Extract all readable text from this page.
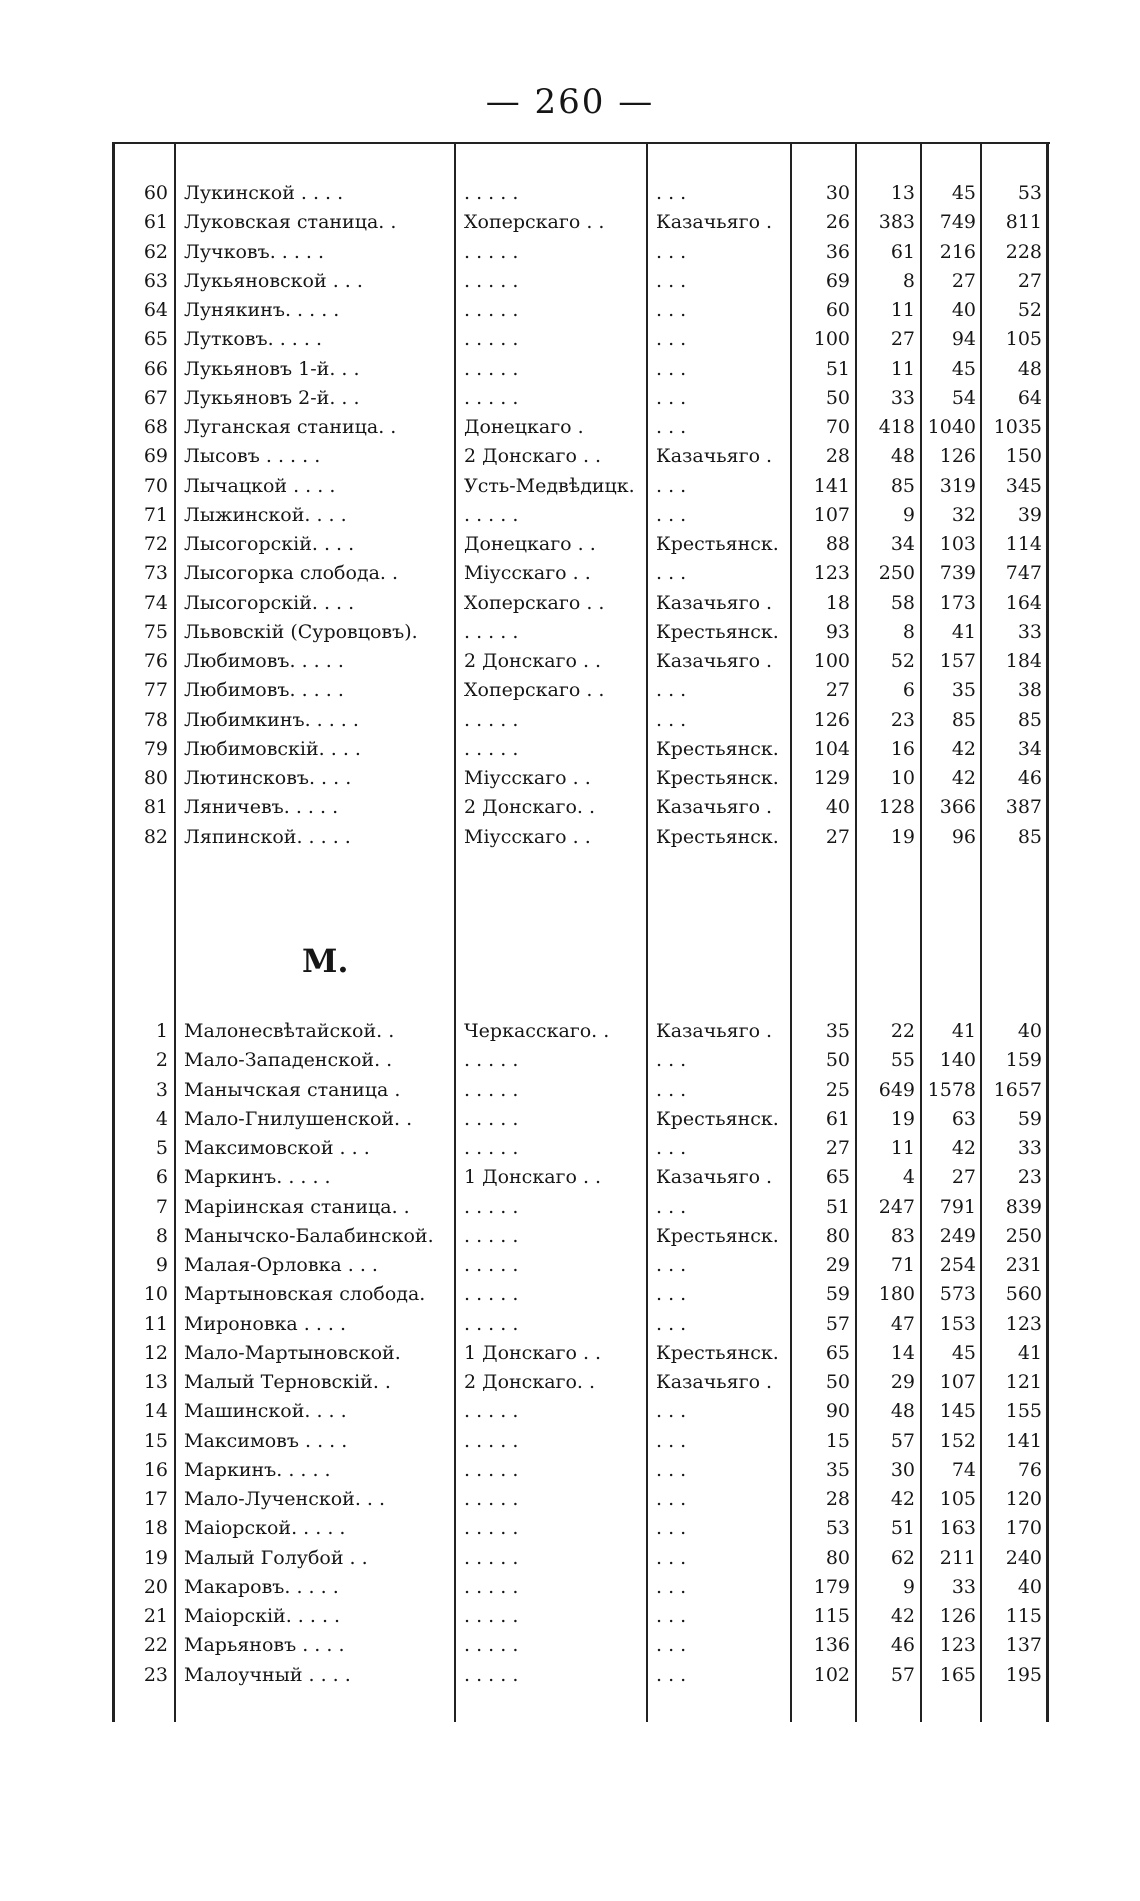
— 260 —
60 Лукинской . . . .	. . . . .	. . .	30	13	45	53
61 Луковская станица. .	Хоперскаго . .	Казачьяго .	26	383	749	811
62 Лучковъ. . . . .	. . . . .	. . .	36	61	216	228
63 Лукьяновской . . .	. . . . .	. . .	69	8	27	27
64 Лунякинъ. . . . .	. . . . .	. . .	60	11	40	52
65 Лутковъ. . . . .	. . . . .	. . .	100	27	94	105
66 Лукьяновъ 1-й. . .	. . . . .	. . .	51	11	45	48
67 Лукьяновъ 2-й. . .	. . . . .	. . .	50	33	54	64
68 Луганская станица. .	Донецкаго .	. . .	70	418 1040 1035
69 Лысовъ . . . . .	2 Донскаго . .	Казачьяго .	28	48	126	150
70 Лычацкой . . . .	Усть-Медвѣдицк.	. . .	141	85	319	345
71 Лыжинской. . . .	. . . . .	. . .	107	9	32	39
72 Лысогорскій. . . .	Донецкаго . .	Крестьянск.	88	34	103	114
73 Лысогорка слобода. .	Міусскаго . .	. . .	123	250	739	747
74 Лысогорскій. . . .	Хоперскаго . .	Казачьяго .	18	58	173	164
75 Львовскій (Суровцовъ).	. . . . .	Крестьянск.	93	8	41	33
76 Любимовъ. . . . .	2 Донскаго . .	Казачьяго .	100	52	157	184
77 Любимовъ. . . . .	Хоперскаго . .	. . .	27	6	35	38
78 Любимкинъ. . . . .	. . . . .	. . .	126	23	85	85
79 Любимовскій. . . .	. . . . .	Крестьянск.	104	16	42	34
80 Лютинсковъ. . . .	Міусскаго . .	Крестьянск.	129	10	42	46
81 Ляничевъ. . . . .	2 Донскаго. .	Казачьяго .	40	128	366	387
82 Ляпинской. . . . .	Міусскаго . .	Крестьянск.	27	19	96	85
М.
1 Малонесвѣтайской. .	Черкасскаго. .	Казачьяго .	35	22	41	40
2 Мало-Западенской. .	. . . . .	. . .	50	55	140	159
3 Манычская станица .	. . . . .	. . .	25	649 1578 1657
4 Мало-Гнилушенской. .	. . . . .	Крестьянск.	61	19	63	59
5 Максимовской . . .	. . . . .	. . .	27	11	42	33
6 Маркинъ. . . . .	1 Донскаго . .	Казачьяго .	65	4	27	23
7 Маріинская станица. .	. . . . .	. . .	51	247	791	839
8 Манычско-Балабинской.	. . . . .	Крестьянск.	80	83	249	250
9 Малая-Орловка . . .	. . . . .	. . .	29	71	254	231
10 Мартыновская слобода.	. . . . .	. . .	59	180	573	560
11 Мироновка . . . .	. . . . .	. . .	57	47	153	123
12 Мало-Мартыновской.	1 Донскаго . .	Крестьянск.	65	14	45	41
13 Малый Терновскій. .	2 Донскаго. .	Казачьяго .	50	29	107	121
14 Машинской. . . .	. . . . .	. . .	90	48	145	155
15 Максимовъ . . . .	. . . . .	. . .	15	57	152	141
16 Маркинъ. . . . .	. . . . .	. . .	35	30	74	76
17 Мало-Лученской. . .	. . . . .	. . .	28	42	105	120
18 Маіорской. . . . .	. . . . .	. . .	53	51	163	170
19 Малый Голубой . .	. . . . .	. . .	80	62	211	240
20 Макаровъ. . . . .	. . . . .	. . .	179	9	33	40
21 Маіорскій. . . . .	. . . . .	. . .	115	42	126	115
22 Марьяновъ . . . .	. . . . .	. . .	136	46	123	137
23 Малоучный . . . .	. . . . .	. . .	102	57	165	195
